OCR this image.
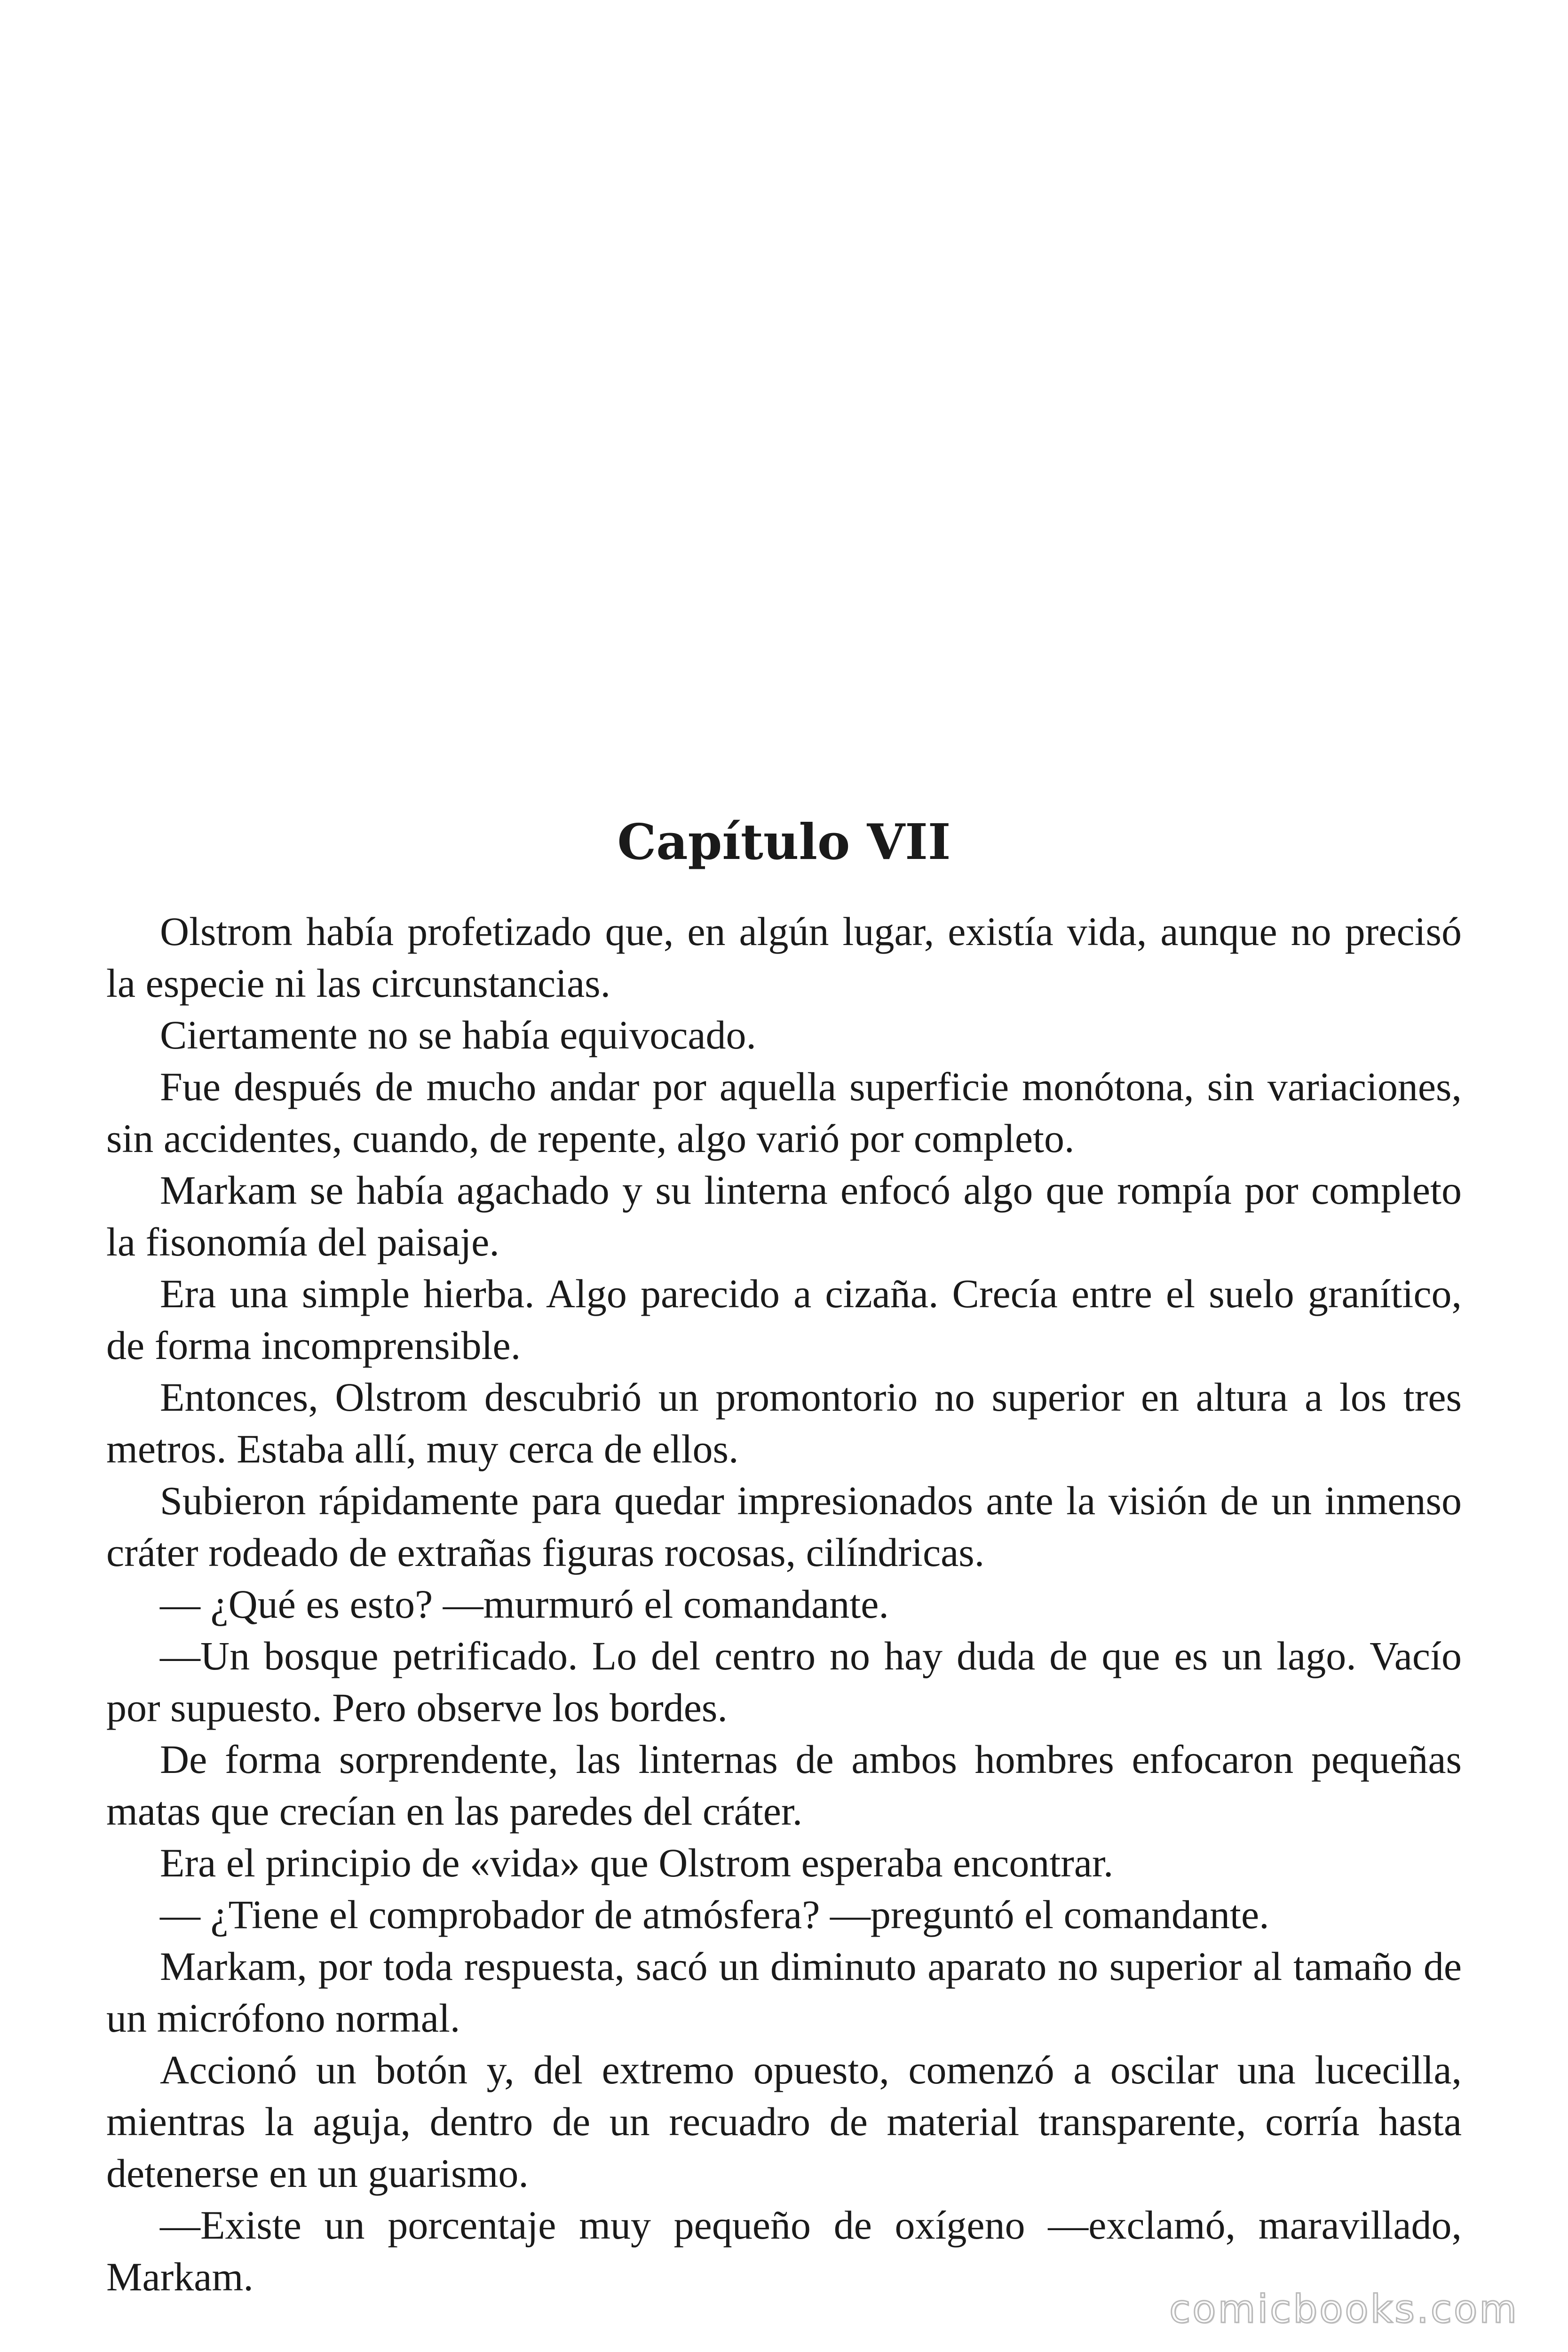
Capítulo VII

Olstrom había profetizado que, en algún lugar, existía vida, aunque no precisó la especie ni las circunstancias.

Ciertamente no se había equivocado.

Fue después de mucho andar por aquella superficie monótona, sin variaciones, sin accidentes, cuando, de repente, algo varió por completo.

Markam se había agachado y su linterna enfocó algo que rompía por completo la fisonomía del paisaje.

Era una simple hierba. Algo parecido a cizaña. Crecía entre el suelo granítico, de forma incomprensible.

Entonces, Olstrom descubrió un promontorio no superior en altura a los tres metros. Estaba allí, muy cerca de ellos.

Subieron rápidamente para quedar impresionados ante la visión de un inmenso cráter rodeado de extrañas figuras rocosas, cilíndricas.

— ¿Qué es esto? —murmuró el comandante.

—Un bosque petrificado. Lo del centro no hay duda de que es un lago. Vacío por supuesto. Pero observe los bordes.

De forma sorprendente, las linternas de ambos hombres enfocaron pequeñas matas que crecían en las paredes del cráter.

Era el principio de «vida» que Olstrom esperaba encontrar.

— ¿Tiene el comprobador de atmósfera? —preguntó el comandante.

Markam, por toda respuesta, sacó un diminuto aparato no superior al tamaño de un micrófono normal.

Accionó un botón y, del extremo opuesto, comenzó a oscilar una lucecilla, mientras la aguja, dentro de un recuadro de material transparente, corría hasta detenerse en un guarismo.

—Existe un porcentaje muy pequeño de oxígeno —exclamó, maravillado, Markam.

comicbooks.com
